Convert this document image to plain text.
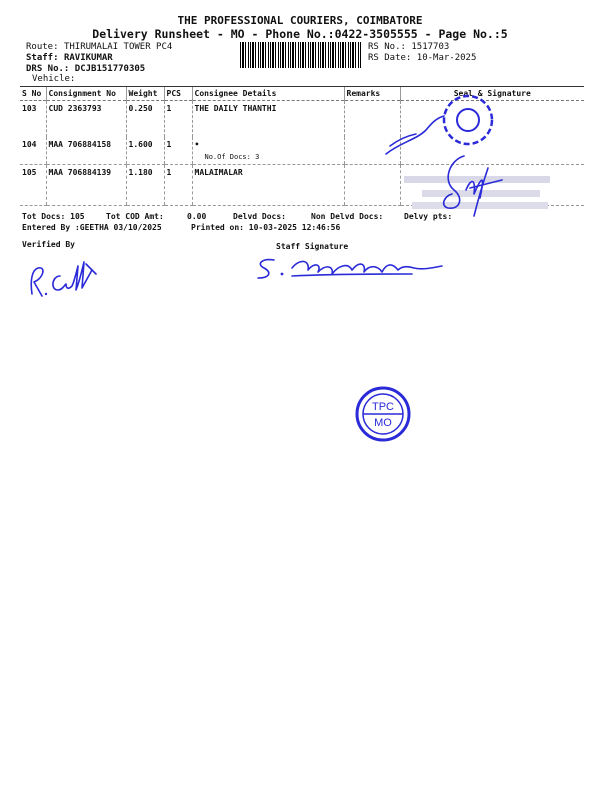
THE PROFESSIONAL COURIERS, COIMBATORE
Delivery Runsheet - MO - Phone No.:0422-3505555 - Page No.:5
Route: THIRUMALAI TOWER PC4
Staff: RAVIKUMAR
DRS No.: DCJB151770305
Vehicle:
RS No.: 1517703
RS Date: 10-Mar-2025
S No	Consignment No	Weight	PCS	Consignee Details	Remarks	Seal & Signature
103	CUD 2363793	0.250	1	THE DAILY THANTHI		
104	MAA 706884158	1.600	1	•
No.Of Docs: 3		

105	MAA 706884139	1.180	1	MALAIMALAR		
Tot Docs: 105	Tot COD Amt:	0.00	Delvd Docs:	Non Delvd Docs:	Delvy pts:
Entered By :GEETHA 03/10/2025	Printed on: 10-03-2025 12:46:56
Verified By	Staff Signature
TPC
MO
